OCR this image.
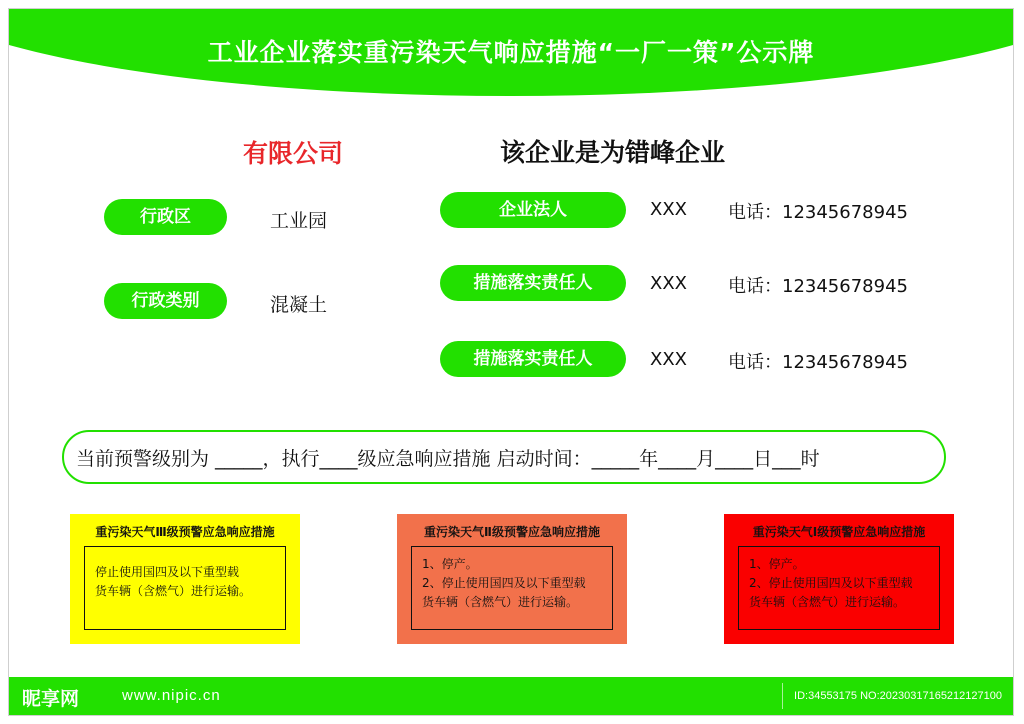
工业企业落实重污染天气响应措施“一厂一策”公示牌
有限公司	该企业是为错峰企业
行政区	工业园
行政类别	混凝土
企业法人	XXX 电话：12345678945
措施落实责任人	XXX 电话：12345678945
措施落实责任人	XXX 电话：12345678945
当前预警级别为 _____，执行____级应急响应措施 启动时间：_____年____月____日___时
重污染天气Ⅲ级预警应急响应措施
停止使用国四及以下重型载
货车辆（含燃气）进行运输。
重污染天气Ⅱ级预警应急响应措施
1、停产。
2、停止使用国四及以下重型载
货车辆（含燃气）进行运输。
重污染天气Ⅰ级预警应急响应措施
1、停产。
2、停止使用国四及以下重型载
货车辆（含燃气）进行运输。
昵享网	www.nipic.cn	ID:34553175 NO:20230317165212127100
